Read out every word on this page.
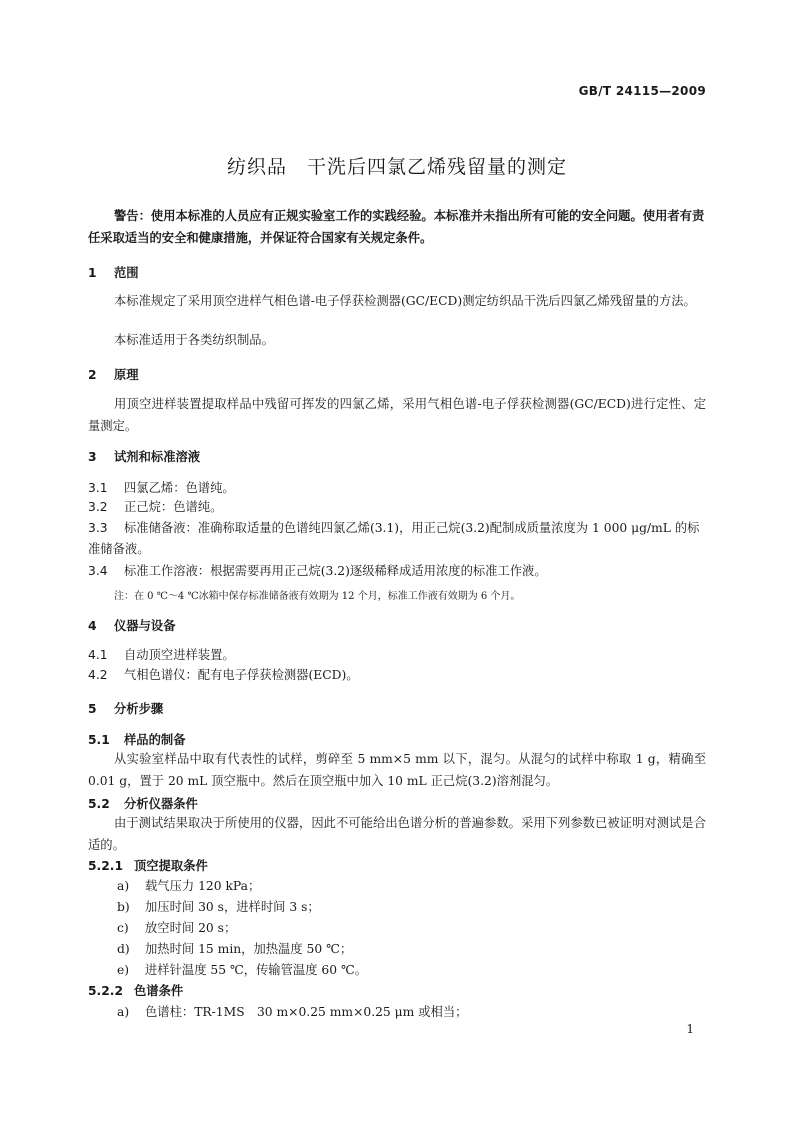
GB/T 24115—2009
纺织品　干洗后四氯乙烯残留量的测定
警告：使用本标准的人员应有正规实验室工作的实践经验。本标准并未指出所有可能的安全问题。使用者有责任采取适当的安全和健康措施，并保证符合国家有关规定条件。
1 范围
本标准规定了采用顶空进样气相色谱-电子俘获检测器(GC/ECD)测定纺织品干洗后四氯乙烯残留量的方法。
本标准适用于各类纺织制品。
2 原理
用顶空进样装置提取样品中残留可挥发的四氯乙烯，采用气相色谱-电子俘获检测器(GC/ECD)进行定性、定量测定。
3 试剂和标准溶液
3.1 四氯乙烯：色谱纯。
3.2 正己烷：色谱纯。
3.3 标准储备液：准确称取适量的色谱纯四氯乙烯(3.1)，用正己烷(3.2)配制成质量浓度为 1 000 μg/mL 的标准储备液。
3.4 标准工作溶液：根据需要再用正己烷(3.2)逐级稀释成适用浓度的标准工作液。
注：在 0 ℃～4 ℃冰箱中保存标准储备液有效期为 12 个月，标准工作液有效期为 6 个月。
4 仪器与设备
4.1 自动顶空进样装置。
4.2 气相色谱仪：配有电子俘获检测器(ECD)。
5 分析步骤
5.1 样品的制备
从实验室样品中取有代表性的试样，剪碎至 5 mm×5 mm 以下，混匀。从混匀的试样中称取 1 g，精确至 0.01 g，置于 20 mL 顶空瓶中。然后在顶空瓶中加入 10 mL 正己烷(3.2)溶剂混匀。
5.2 分析仪器条件
由于测试结果取决于所使用的仪器，因此不可能给出色谱分析的普遍参数。采用下列参数已被证明对测试是合适的。
5.2.1 顶空提取条件
a) 载气压力 120 kPa；
b) 加压时间 30 s，进样时间 3 s；
c) 放空时间 20 s；
d) 加热时间 15 min，加热温度 50 ℃；
e) 进样针温度 55 ℃，传输管温度 60 ℃。
5.2.2 色谱条件
a) 色谱柱：TR-1MS　30 m×0.25 mm×0.25 μm 或相当；
1
